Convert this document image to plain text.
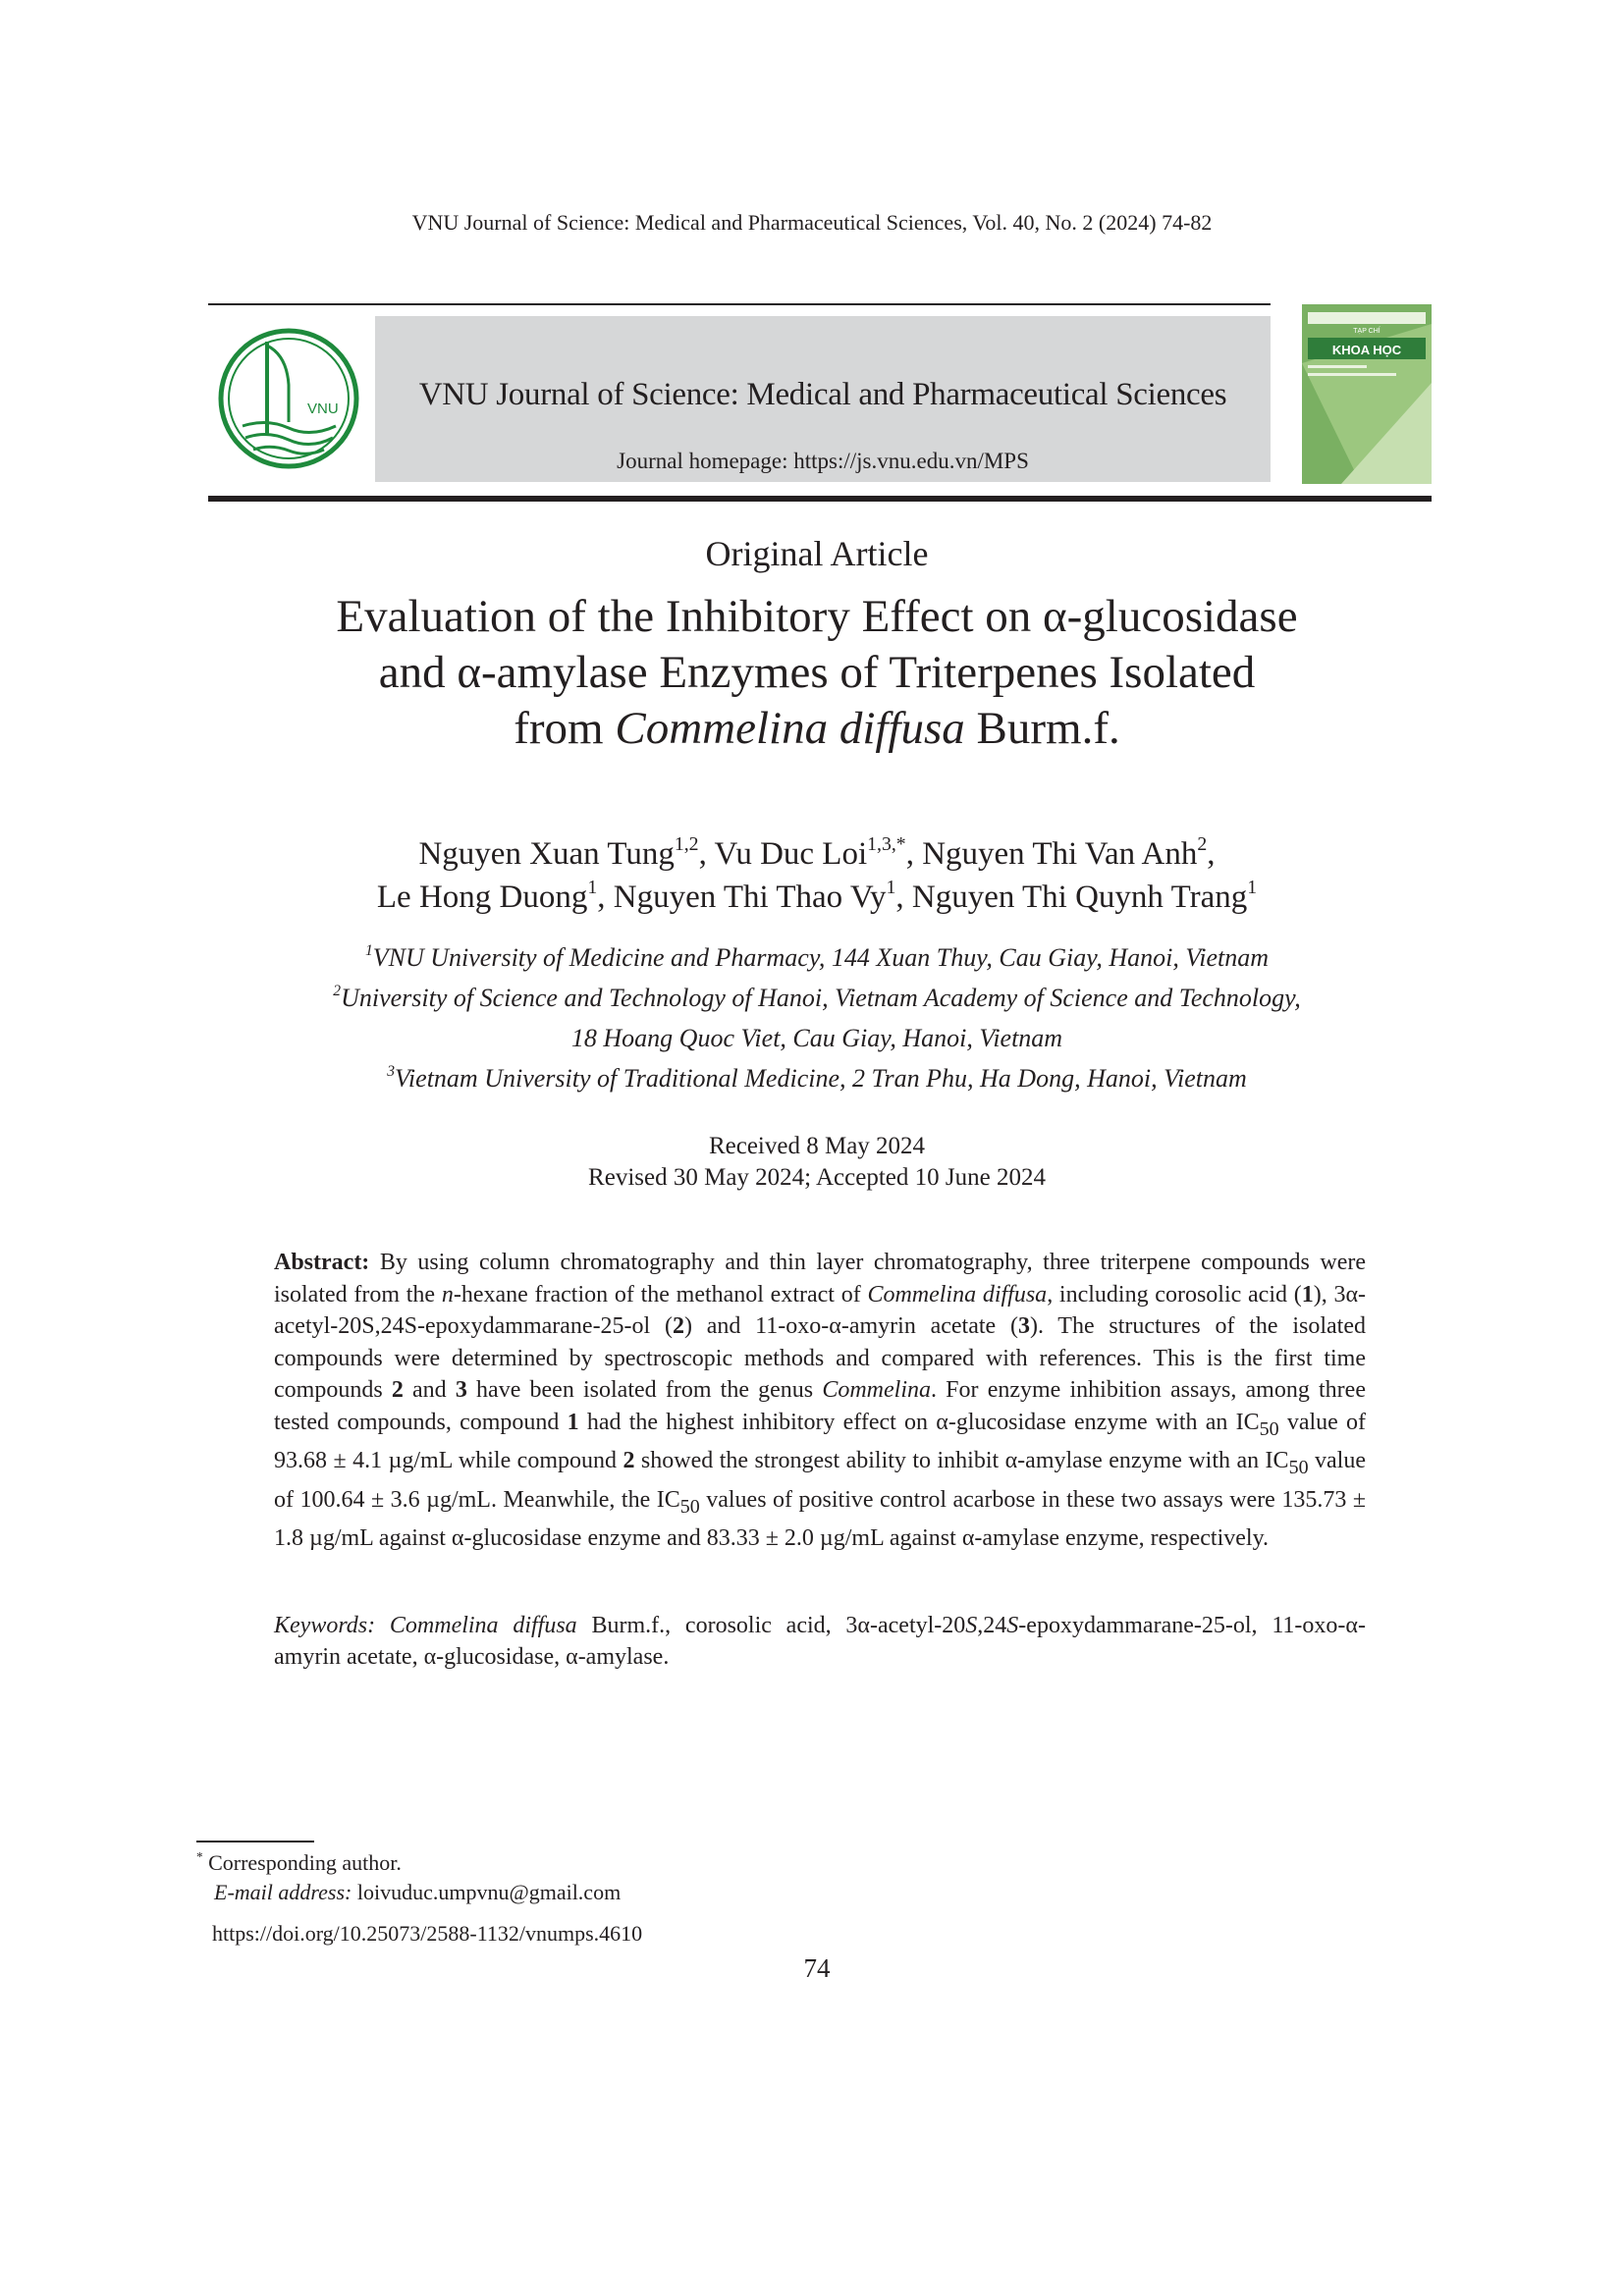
VNU Journal of Science: Medical and Pharmaceutical Sciences, Vol. 40, No. 2 (2024) 74-82
VNU	VNU Journal of Science: Medical and Pharmaceutical Sciences
Journal homepage: https://js.vnu.edu.vn/MPS
TẠP CHÍ
KHOA HỌC
Original Article
Evaluation of the Inhibitory Effect on α-glucosidase
and α-amylase Enzymes of Triterpenes Isolated
from Commelina diffusa Burm.f.
Nguyen Xuan Tung$^{1,2}$, Vu Duc Loi$^{1,3,*}$, Nguyen Thi Van Anh$^2$,
Le Hong Duong$^1$, Nguyen Thi Thao Vy$^1$, Nguyen Thi Quynh Trang$^1$
$^1$VNU University of Medicine and Pharmacy, 144 Xuan Thuy, Cau Giay, Hanoi, Vietnam
$^2$University of Science and Technology of Hanoi, Vietnam Academy of Science and Technology,
18 Hoang Quoc Viet, Cau Giay, Hanoi, Vietnam
$^3$Vietnam University of Traditional Medicine, 2 Tran Phu, Ha Dong, Hanoi, Vietnam
Received 8 May 2024
Revised 30 May 2024; Accepted 10 June 2024
Abstract: By using column chromatography and thin layer chromatography, three triterpene compounds were isolated from the n-hexane fraction of the methanol extract of Commelina diffusa, including corosolic acid (1), 3α-acetyl-20S,24S-epoxydammarane-25-ol (2) and 11-oxo-α-amyrin acetate (3). The structures of the isolated compounds were determined by spectroscopic methods and compared with references. This is the first time compounds 2 and 3 have been isolated from the genus Commelina. For enzyme inhibition assays, among three tested compounds, compound 1 had the highest inhibitory effect on α-glucosidase enzyme with an $IC_{50}$ value of 93.68 ± 4.1 µg/mL while compound 2 showed the strongest ability to inhibit α-amylase enzyme with an $IC_{50}$ value of 100.64 ± 3.6 µg/mL. Meanwhile, the $IC_{50}$ values of positive control acarbose in these two assays were 135.73 ± 1.8 µg/mL against α-glucosidase enzyme and 83.33 ± 2.0 µg/mL against α-amylase enzyme, respectively.
Keywords: Commelina diffusa Burm.f., corosolic acid, 3α-acetyl-20S,24S-epoxydammarane-25-ol, 11-oxo-α-amyrin acetate, α-glucosidase, α-amylase.
* Corresponding author.
E-mail address: loivuduc.umpvnu@gmail.com
https://doi.org/10.25073/2588-1132/vnumps.4610
74
